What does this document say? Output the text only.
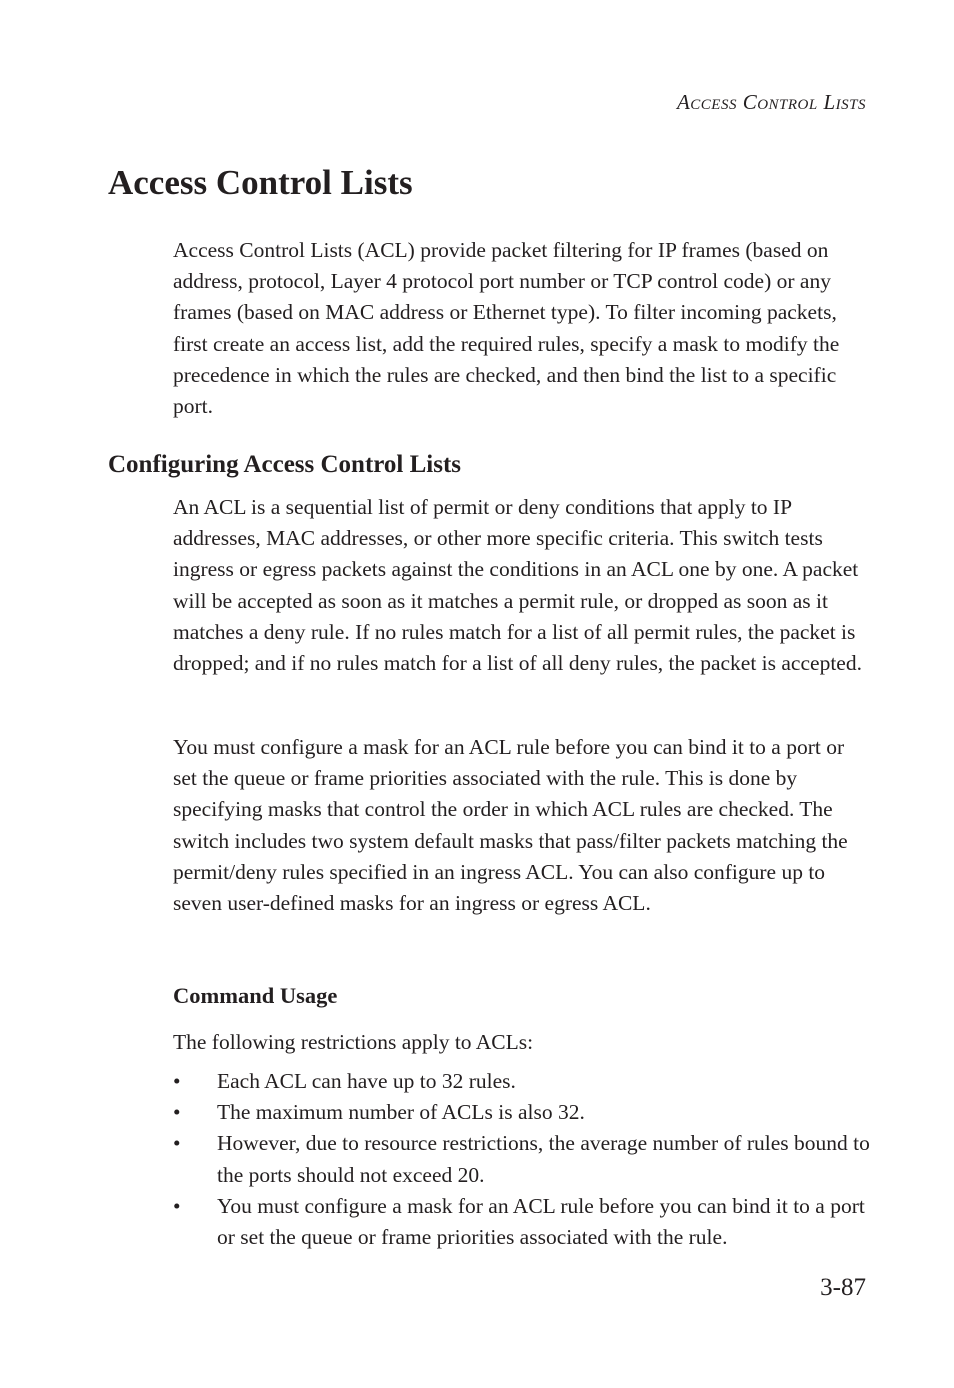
Access Control Lists
Access Control Lists

Access Control Lists (ACL) provide packet filtering for IP frames (based on address, protocol, Layer 4 protocol port number or TCP control code) or any frames (based on MAC address or Ethernet type). To filter incoming packets, first create an access list, add the required rules, specify a mask to modify the precedence in which the rules are checked, and then bind the list to a specific port.

Configuring Access Control Lists

An ACL is a sequential list of permit or deny conditions that apply to IP addresses, MAC addresses, or other more specific criteria. This switch tests ingress or egress packets against the conditions in an ACL one by one. A packet will be accepted as soon as it matches a permit rule, or dropped as soon as it matches a deny rule. If no rules match for a list of all permit rules, the packet is dropped; and if no rules match for a list of all deny rules, the packet is accepted.

You must configure a mask for an ACL rule before you can bind it to a port or set the queue or frame priorities associated with the rule. This is done by specifying masks that control the order in which ACL rules are checked. The switch includes two system default masks that pass/filter packets matching the permit/deny rules specified in an ingress ACL. You can also configure up to seven user-defined masks for an ingress or egress ACL.

Command Usage

The following restrictions apply to ACLs:

• Each ACL can have up to 32 rules.
• The maximum number of ACLs is also 32.
• However, due to resource restrictions, the average number of rules bound to the ports should not exceed 20.
• You must configure a mask for an ACL rule before you can bind it to a port or set the queue or frame priorities associated with the rule.
3-87
